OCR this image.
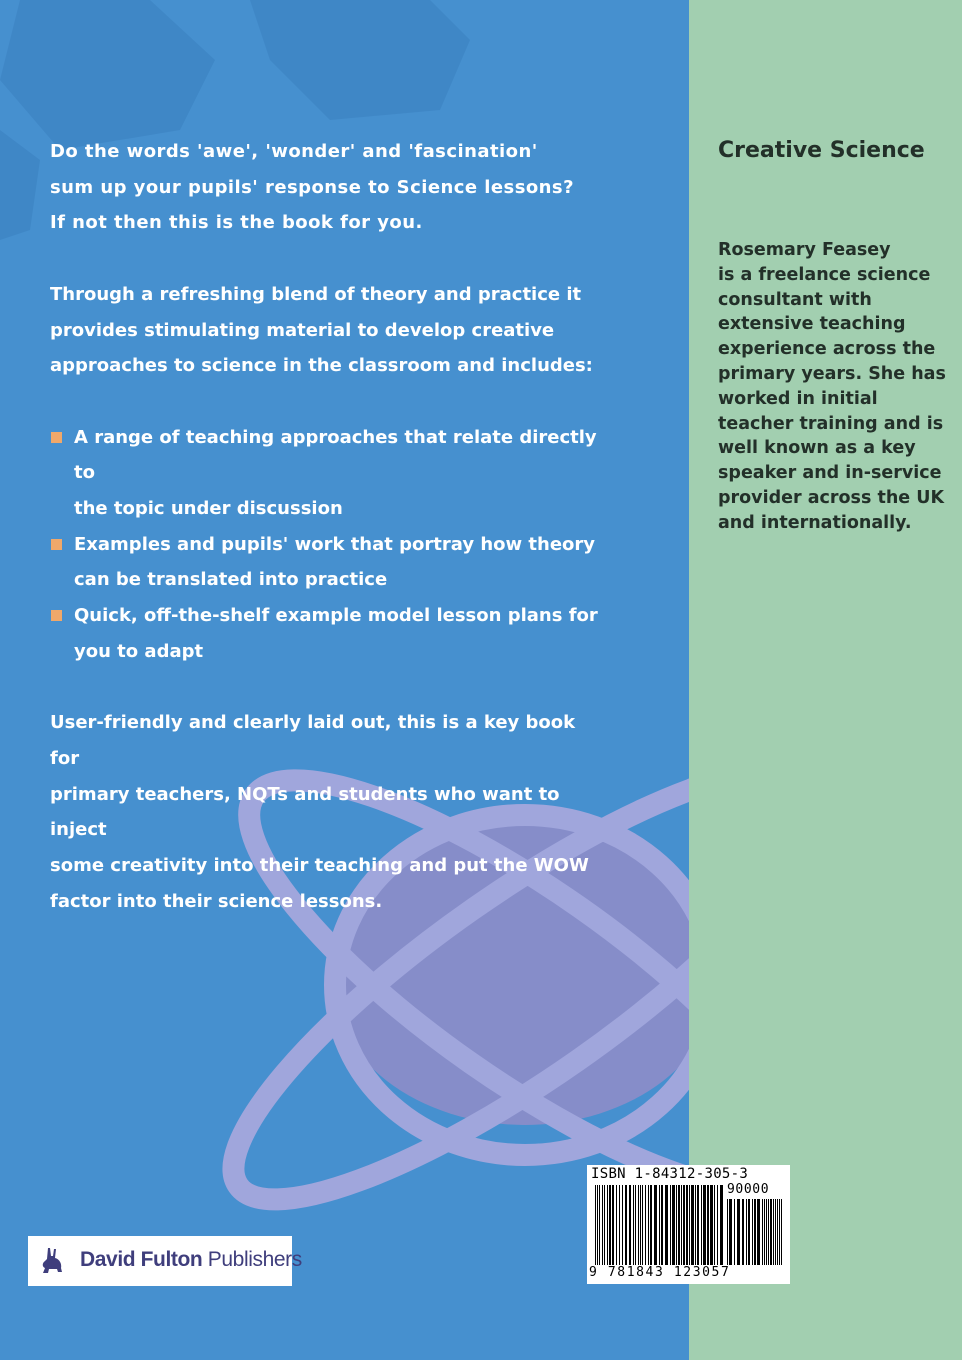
Do the words 'awe', 'wonder' and 'fascination'

sum up your pupils' response to Science lessons?

If not then this is the book for you.

Through a refreshing blend of theory and practice it

provides stimulating material to develop creative

approaches to science in the classroom and includes:

A range of teaching approaches that relate directly to
the topic under discussion
Examples and pupils' work that portray how theory
can be translated into practice
Quick, off-the-shelf example model lesson plans for
you to adapt

User-friendly and clearly laid out, this is a key book for

primary teachers, NQTs and students who want to inject

some creativity into their teaching and put the WOW

factor into their science lessons.

Creative Science
Rosemary Feasey
is a freelance science consultant with extensive teaching experience across the primary years. She has worked in initial teacher training and is well known as a key speaker and in-service provider across the UK and internationally.

ISBN 1-84312-305-3

90000

9 781843 123057

David Fulton Publishers
